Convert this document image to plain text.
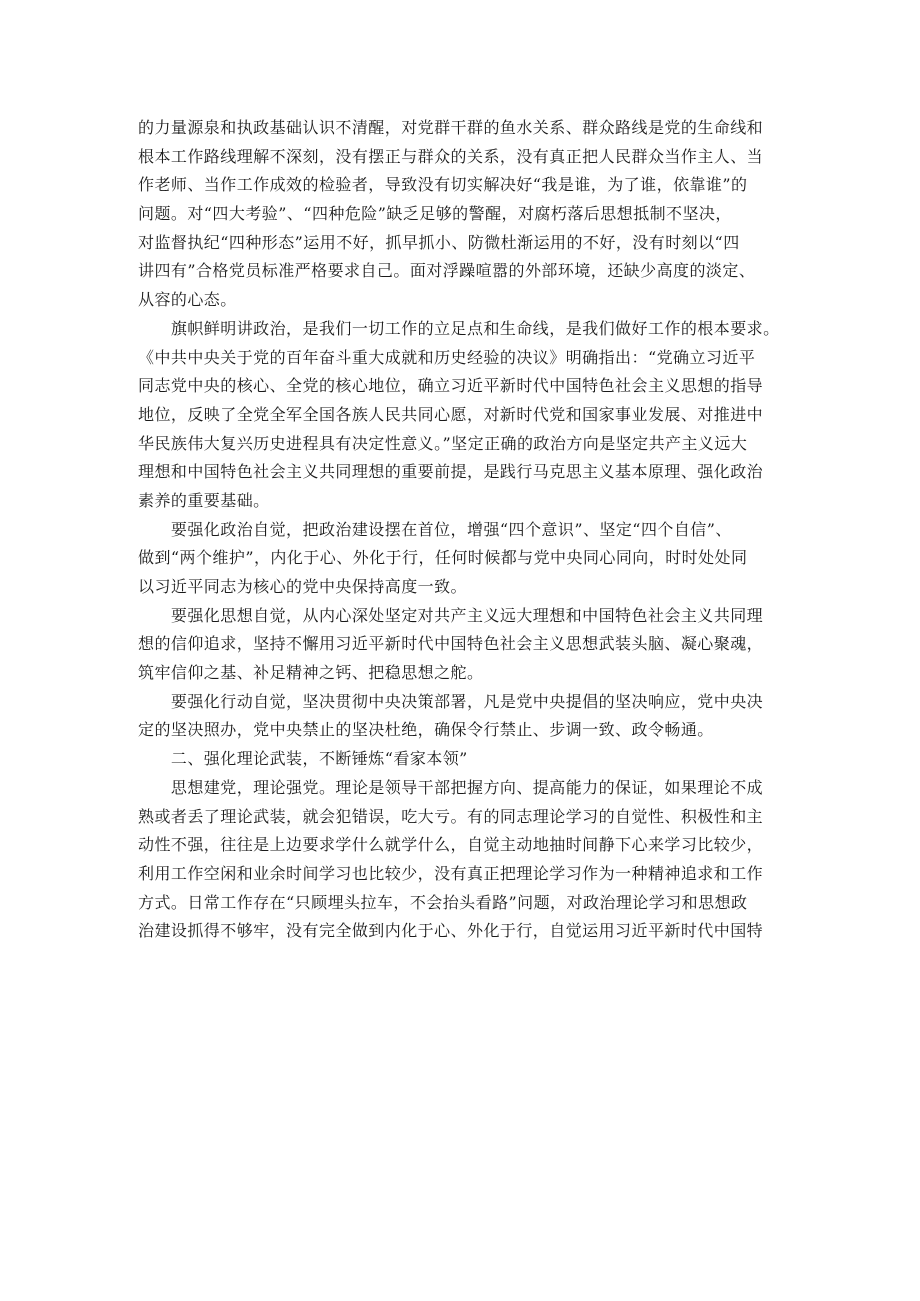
的力量源泉和执政基础认识不清醒，对党群干群的鱼水关系、群众路线是党的生命线和
根本工作路线理解不深刻，没有摆正与群众的关系，没有真正把人民群众当作主人、当
作老师、当作工作成效的检验者，导致没有切实解决好“我是谁，为了谁，依靠谁”的
问题。对“四大考验”、“四种危险”缺乏足够的警醒，对腐朽落后思想抵制不坚决，
对监督执纪“四种形态”运用不好，抓早抓小、防微杜渐运用的不好，没有时刻以“四
讲四有”合格党员标准严格要求自己。面对浮躁喧嚣的外部环境，还缺少高度的淡定、
从容的心态。
　　旗帜鲜明讲政治，是我们一切工作的立足点和生命线，是我们做好工作的根本要求。
《中共中央关于党的百年奋斗重大成就和历史经验的决议》明确指出：“党确立习近平
同志党中央的核心、全党的核心地位，确立习近平新时代中国特色社会主义思想的指导
地位，反映了全党全军全国各族人民共同心愿，对新时代党和国家事业发展、对推进中
华民族伟大复兴历史进程具有决定性意义。”坚定正确的政治方向是坚定共产主义远大
理想和中国特色社会主义共同理想的重要前提，是践行马克思主义基本原理、强化政治
素养的重要基础。
　　要强化政治自觉，把政治建设摆在首位，增强“四个意识”、坚定“四个自信”、
做到“两个维护”，内化于心、外化于行，任何时候都与党中央同心同向，时时处处同
以习近平同志为核心的党中央保持高度一致。
　　要强化思想自觉，从内心深处坚定对共产主义远大理想和中国特色社会主义共同理
想的信仰追求，坚持不懈用习近平新时代中国特色社会主义思想武装头脑、凝心聚魂，
筑牢信仰之基、补足精神之钙、把稳思想之舵。
　　要强化行动自觉，坚决贯彻中央决策部署，凡是党中央提倡的坚决响应，党中央决
定的坚决照办，党中央禁止的坚决杜绝，确保令行禁止、步调一致、政令畅通。
　　二、强化理论武装，不断锤炼“看家本领”
　　思想建党，理论强党。理论是领导干部把握方向、提高能力的保证，如果理论不成
熟或者丢了理论武装，就会犯错误，吃大亏。有的同志理论学习的自觉性、积极性和主
动性不强，往往是上边要求学什么就学什么，自觉主动地抽时间静下心来学习比较少，
利用工作空闲和业余时间学习也比较少，没有真正把理论学习作为一种精神追求和工作
方式。日常工作存在“只顾埋头拉车，不会抬头看路”问题，对政治理论学习和思想政
治建设抓得不够牢，没有完全做到内化于心、外化于行，自觉运用习近平新时代中国特
